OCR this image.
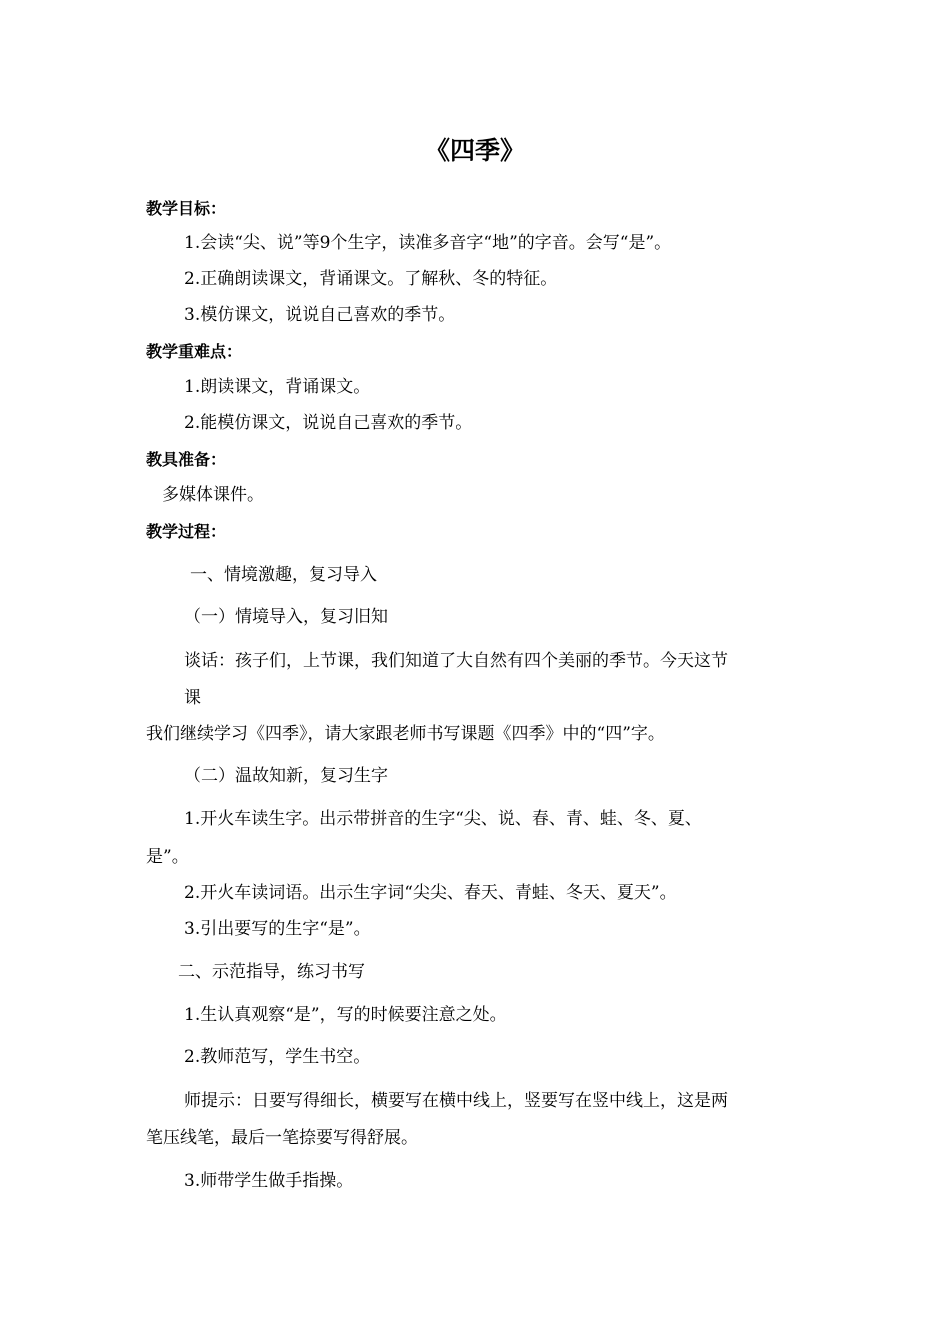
《四季》
教学目标：
1.会读“尖、说”等9个生字，读准多音字“地”的字音。会写“是”。
2.正确朗读课文，背诵课文。了解秋、冬的特征。
3.模仿课文，说说自己喜欢的季节。
教学重难点：
1.朗读课文，背诵课文。
2.能模仿课文，说说自己喜欢的季节。
教具准备：
多媒体课件。
教学过程：
一、情境激趣，复习导入
（一）情境导入，复习旧知
谈话：孩子们，上节课，我们知道了大自然有四个美丽的季节。今天这节
课
我们继续学习《四季》，请大家跟老师书写课题《四季》中的“四”字。
（二）温故知新，复习生字
1.开火车读生字。出示带拼音的生字“尖、说、春、青、蛙、冬、夏、
是”。
2.开火车读词语。出示生字词“尖尖、春天、青蛙、冬天、夏天”。
3.引出要写的生字“是”。
二、示范指导，练习书写
1.生认真观察“是”，写的时候要注意之处。
2.教师范写，学生书空。
师提示：日要写得细长，横要写在横中线上，竖要写在竖中线上，这是两
笔压线笔，最后一笔捺要写得舒展。
3.师带学生做手指操。
